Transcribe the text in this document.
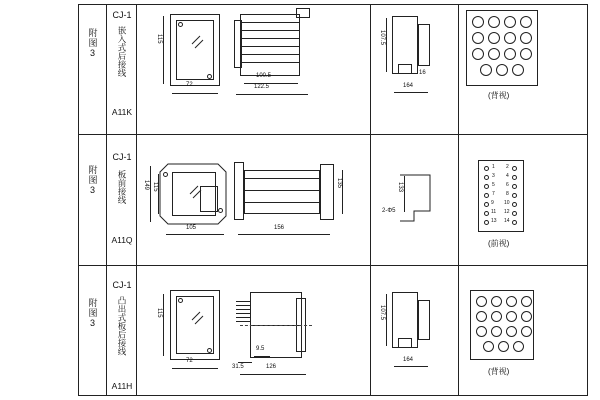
附图3
CJ-1
嵌入式后接线
A11K
115
72
100.5
122.5
107.5
16
164
(背视)
附图3
CJ-1
板前接线
A11Q
149 115
105
135
156
133
2-Φ5
1 2
3 4
5 6
7 8
9 10
11 12
13 14
(前视)
附图3
CJ-1
凸出式板后接线
A11H
115
72
31.5
9.5
126
107.5
164
(背视)
